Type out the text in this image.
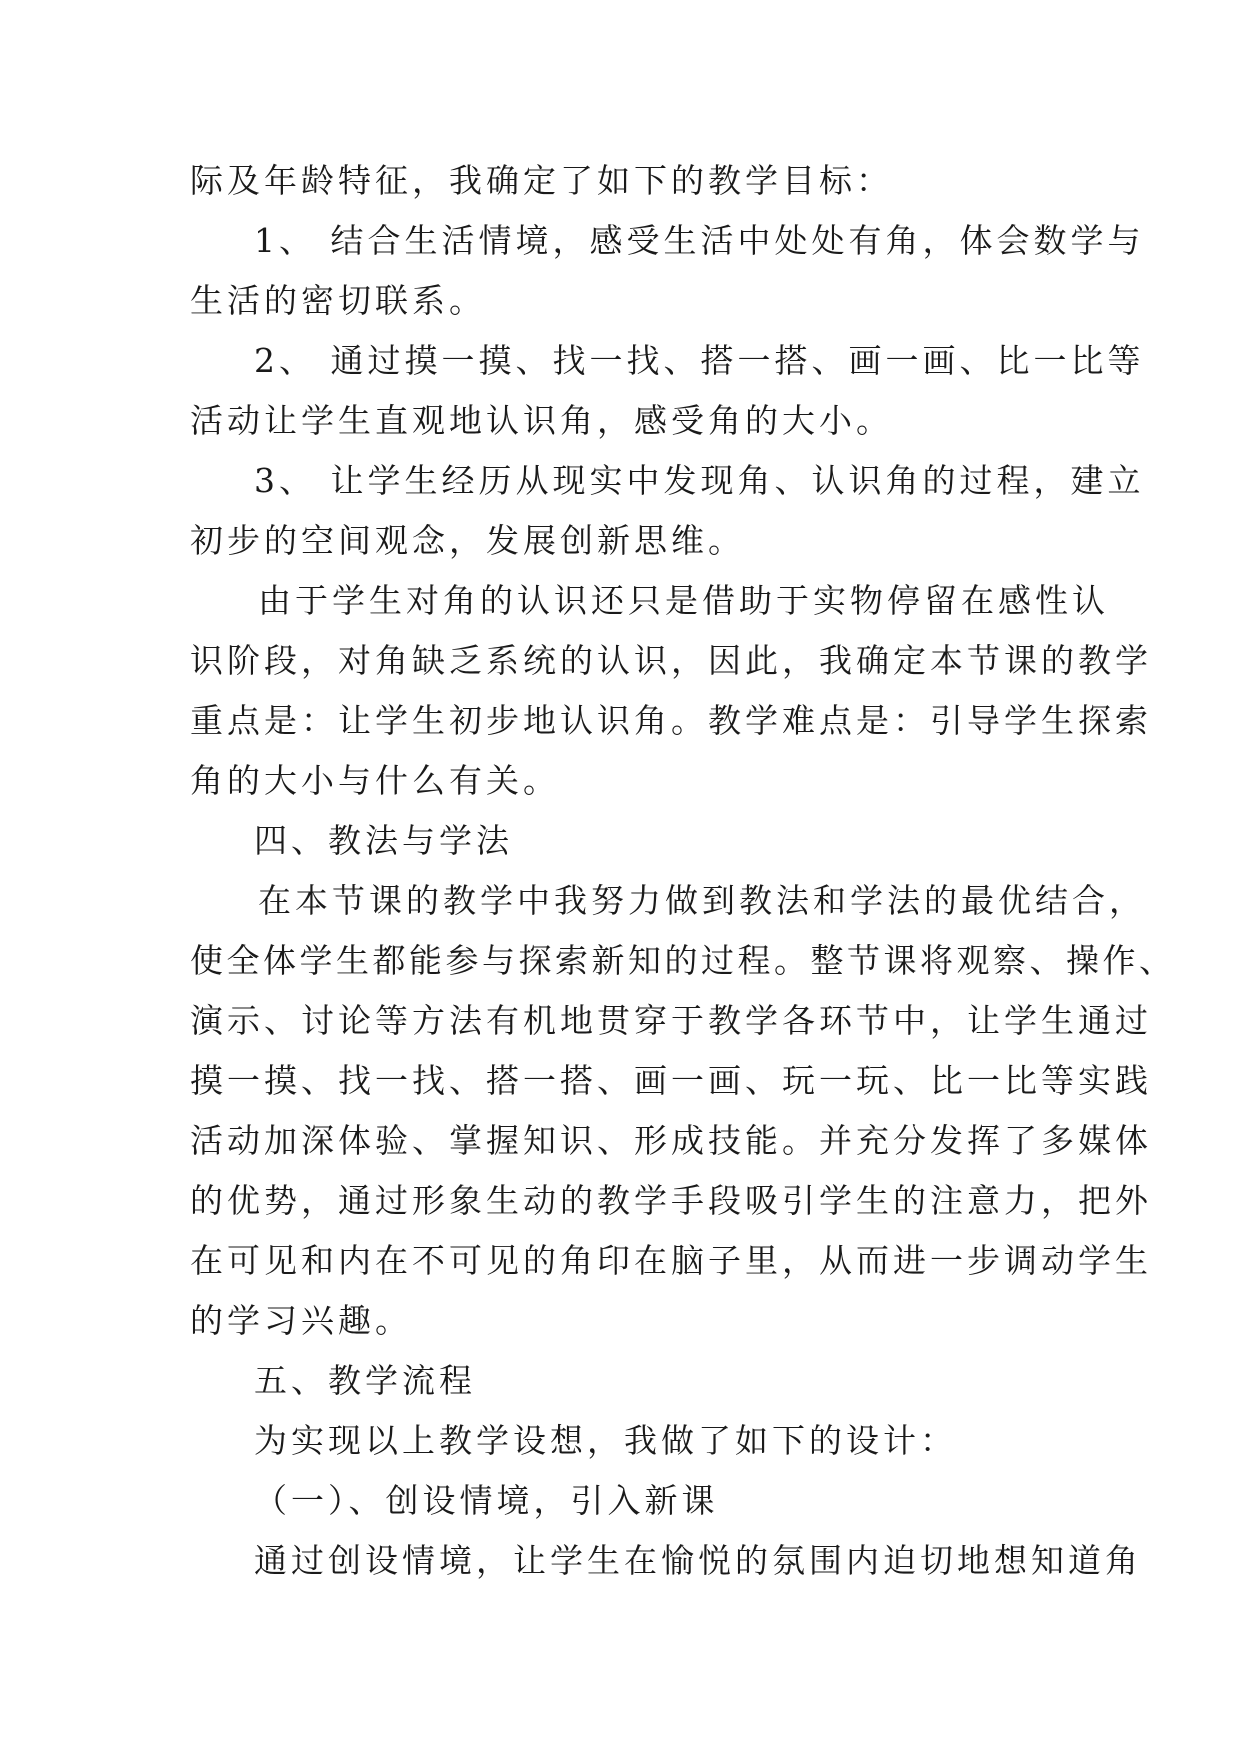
际及年龄特征，我确定了如下的教学目标：
1、 结合生活情境，感受生活中处处有角，体会数学与
生活的密切联系。
2、 通过摸一摸、找一找、搭一搭、画一画、比一比等
活动让学生直观地认识角，感受角的大小。
3、 让学生经历从现实中发现角、认识角的过程，建立
初步的空间观念，发展创新思维。
由于学生对角的认识还只是借助于实物停留在感性认
识阶段，对角缺乏系统的认识，因此，我确定本节课的教学
重点是：让学生初步地认识角。教学难点是：引导学生探索
角的大小与什么有关。
四、教法与学法
在本节课的教学中我努力做到教法和学法的最优结合，
使全体学生都能参与探索新知的过程。整节课将观察、操作、
演示、讨论等方法有机地贯穿于教学各环节中，让学生通过
摸一摸、找一找、搭一搭、画一画、玩一玩、比一比等实践
活动加深体验、掌握知识、形成技能。并充分发挥了多媒体
的优势，通过形象生动的教学手段吸引学生的注意力，把外
在可见和内在不可见的角印在脑子里，从而进一步调动学生
的学习兴趣。
五、教学流程
为实现以上教学设想，我做了如下的设计：
（一）、创设情境，引入新课
通过创设情境，让学生在愉悦的氛围内迫切地想知道角
